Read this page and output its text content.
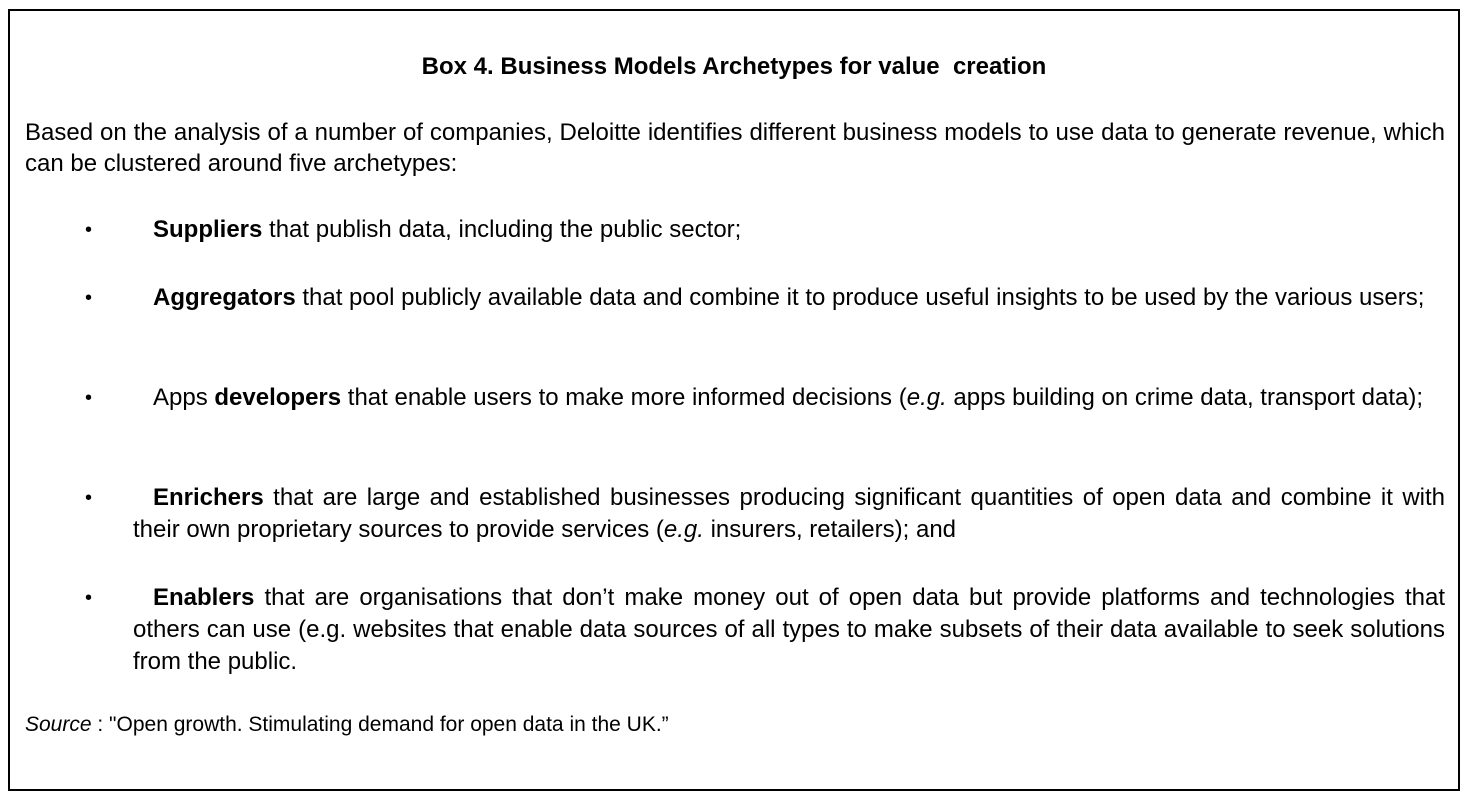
Box 4. Business Models Archetypes for value  creation
Based on the analysis of a number of companies, Deloitte identifies different business models to use data to generate revenue, which can be clustered around five archetypes:
•	Suppliers that publish data, including the public sector;
•	Aggregators that pool publicly available data and combine it to produce useful insights to be used by the various users;
•	Apps developers that enable users to make more informed decisions (e.g. apps building on crime data, transport data);
•	Enrichers that are large and established businesses producing significant quantities of open data and combine it with their own proprietary sources to provide services (e.g. insurers, retailers); and
•	Enablers that are organisations that don’t make money out of open data but provide platforms and technologies that others can use (e.g. websites that enable data sources of all types to make subsets of their data available to seek solutions from the public.
Source : "Open growth. Stimulating demand for open data in the UK.”
